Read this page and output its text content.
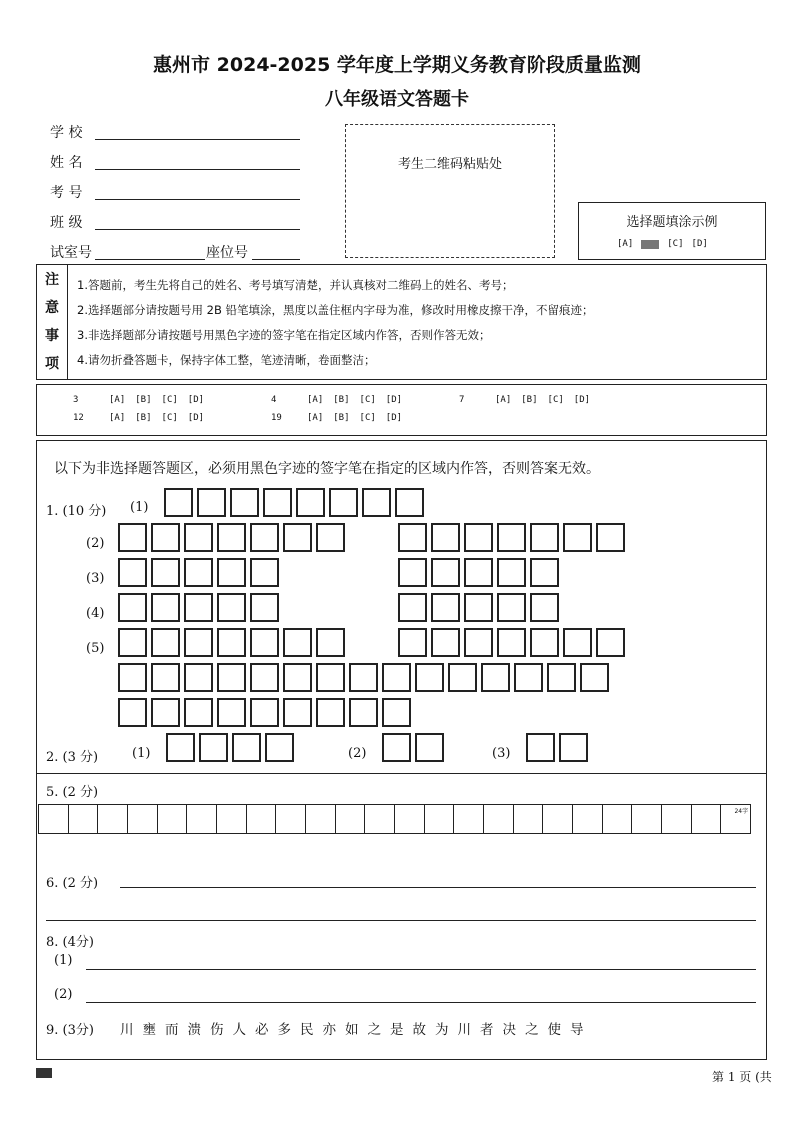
惠州市 2024-2025 学年度上学期义务教育阶段质量监测
八年级语文答题卡
学 校
姓 名
考 号
班 级
试室号	座位号
考生二维码粘贴处
选择题填涂示例
[A]	[C] [D]
注
意
事
项
1.答题前，考生先将自己的姓名、考号填写清楚，并认真核对二维码上的姓名、考号；
2.选择题部分请按题号用 2B 铅笔填涂，黑度以盖住框内字母为准，修改时用橡皮擦干净，不留痕迹；
3.非选择题部分请按题号用黑色字迹的签字笔在指定区域内作答，否则作答无效；
4.请勿折叠答题卡，保持字体工整，笔迹清晰，卷面整洁；
3	[A] [B] [C] [D]	4	[A] [B] [C] [D]	7	[A] [B] [C] [D]
12	[A] [B] [C] [D]	19	[A] [B] [C] [D]
以下为非选择题答题区，必须用黑色字迹的签字笔在指定的区域内作答，否则答案无效。
1. (10 分) (1)
(2)
(3)
(4)
(5)
2. (3 分)	(1)	(2)	(3)
5. (2 分)
24字
6. (2 分)
8. (4分)
(1)
(2)
9. (3分) 川壅而溃伤人必多民亦如之是故为川者决之使导
第 1 页 (共
